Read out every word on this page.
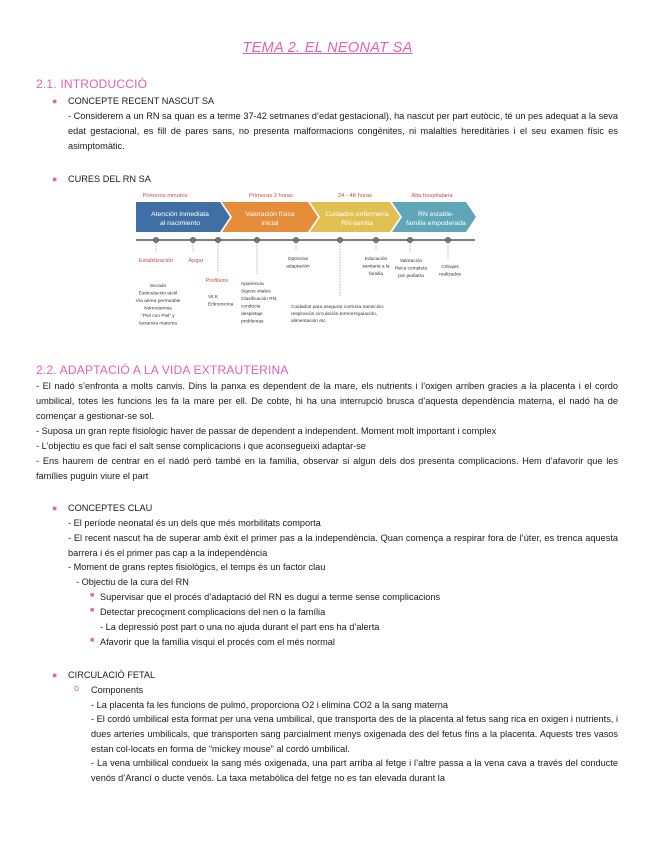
TEMA 2. EL NEONAT SA
2.1. INTRODUCCIÓ
● CONCEPTE RECENT NASCUT SA
- Considerem a un RN sa quan es a terme 37-42 setmanes d’edat gestacional), ha nascut per part eutòcic, té un pes adequat a la seva edat gestacional, es fill de pares sans, no presenta malformacions congènites, ni malalties hereditàries i el seu examen físic es asimptomàtic.
● CURES DEL RN SA
Primeros minutos	Primeras 2 horas	24 - 48 horas	Alta hospitalaria
Atención inmediata
al nacimiento
Valoración física
inicial
Cuidados enfermería
RN-familia
RN estable-
familia empoderada
Estabilización	Apgar
Profilaxis
Secado
Estimulación táctil
Vía aérea permeable
Normotermia
“Piel con Piel” y
lactancia materna
Vit K
Eritromicina
Apariencia
Signos vitales
Clasificación RN,
conducta
despistaje
problemas
Optimizar
adaptación
Cuidados para asegurar correcta transición:
respiración,circulación,termorregulación,
alimentación etc
Educación
sanitaria a la
familia
Valoración
física completa
por pediatra
Cribajes
realizados
2.2. ADAPTACIÓ A LA VIDA EXTRAUTERINA
- El nadó s’enfronta a molts canvis. Dins la panxa es dependent de la mare, els nutrients i l’oxigen arriben gracies a la placenta i el cordo umbilical, totes les funcions les fa la mare per ell. De cobte, hi ha una interrupció brusca d’aquesta dependència materna, el nadó ha de començar a gestionar-se sol.
- Suposa un gran repte fisiològic haver de passar de dependent a independent. Moment molt important i complex
- L’objectiu es que faci el salt sense complicacions i que aconsegueixi adaptar-se
- Ens haurem de centrar en el nadó però també en la família, observar si algun dels dos presenta complicacions. Hem d’afavorir que les famílies puguin viure el part
● CONCEPTES CLAU
- El període neonatal és un dels que més morbilitats comporta
- El recent nascut ha de superar amb èxit el primer pas a la independència. Quan comença a respirar fora de l’úter, es trenca aquesta barrera i és el primer pas cap a la independència
- Moment de grans reptes fisiològics, el temps és un factor clau
- Objectiu de la cura del RN
■ Supervisar que el procés d’adaptació del RN es dugui a terme sense complicacions
■ Detectar precoçment complicacions del nen o la família
- La depressió post part o una no ajuda durant el part ens ha d’alerta
■ Afavorir que la família visqui el procés com el més normal
● CIRCULACIÓ FETAL
o Components
- La placenta fa les funcions de pulmó, proporciona O2 i elimina CO2 a la sang materna
- El cordó umbilical esta format per una vena umbilical, que transporta des de la placenta al fetus sang rica en oxigen i nutrients, i dues arteries umbilicals, que transporten sang parcialment menys oxigenada des del fetus fins a la placenta. Aquests tres vasos estan col·locats en forma de “mickey mouse” al cordó umbilical.
- La vena umbilical condueix la sang més oxigenada, una part arriba al fetge i l’altre passa a la vena cava a través del conducte venós d’Arancí o ducte venós. La taxa metabòlica del fetge no es tan elevada durant la
